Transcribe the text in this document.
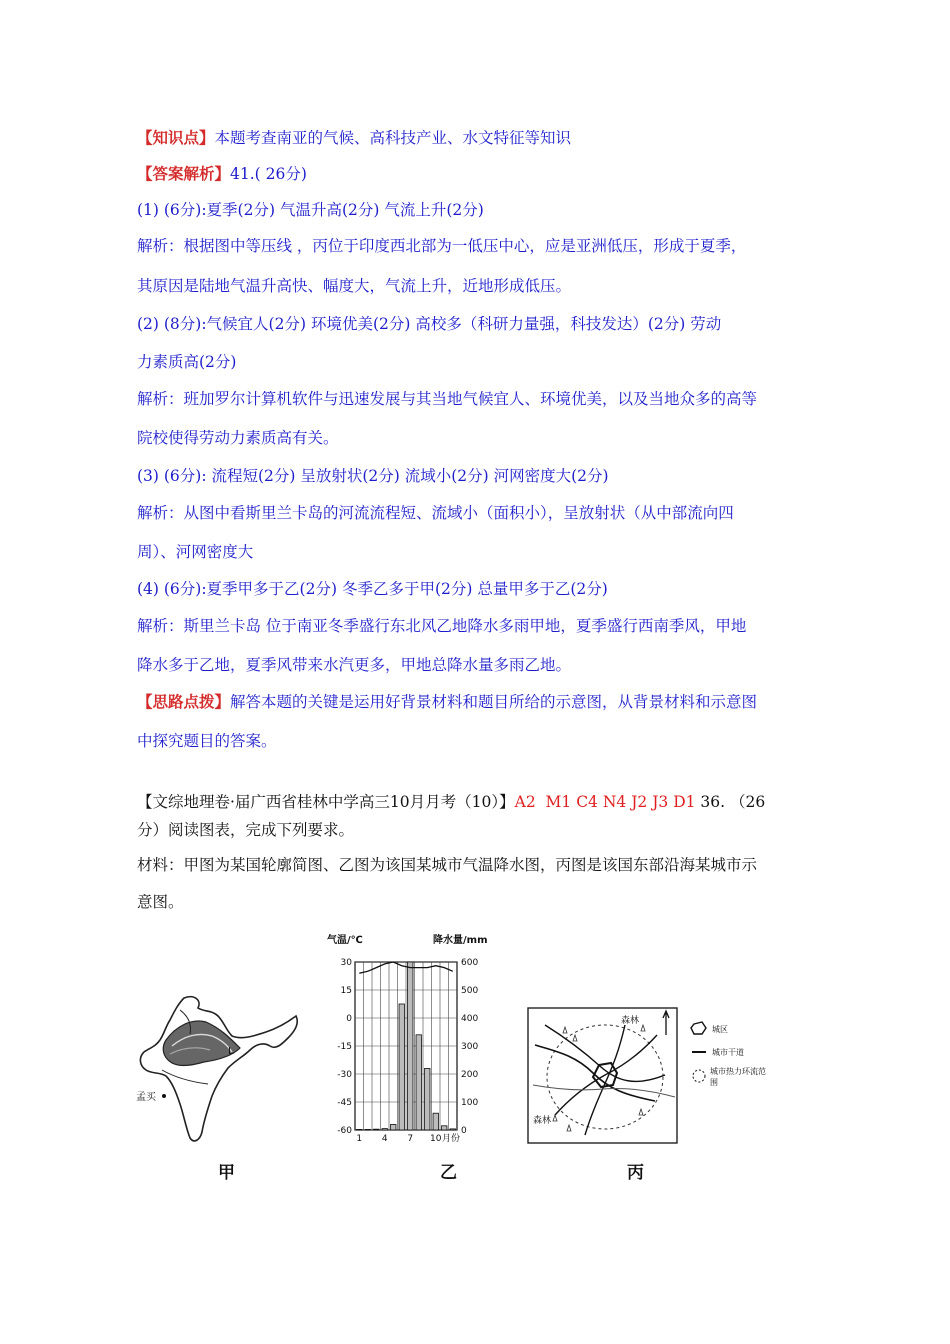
【知识点】本题考查南亚的气候、高科技产业、水文特征等知识
【答案解析】41.( 26分)
(1) (6分):夏季(2分) 气温升高(2分) 气流上升(2分)
解析：根据图中等压线 ，丙位于印度西北部为一低压中心，应是亚洲低压，形成于夏季，
其原因是陆地气温升高快、幅度大，气流上升，近地形成低压。
(2) (8分):气候宜人(2分) 环境优美(2分) 高校多（科研力量强，科技发达）(2分) 劳动
力素质高(2分)
解析：班加罗尔计算机软件与迅速发展与其当地气候宜人、环境优美，以及当地众多的高等
院校使得劳动力素质高有关。
(3) (6分): 流程短(2分) 呈放射状(2分) 流域小(2分) 河网密度大(2分)
解析：从图中看斯里兰卡岛的河流流程短、流域小（面积小），呈放射状（从中部流向四
周）、河网密度大
(4) (6分):夏季甲多于乙(2分) 冬季乙多于甲(2分) 总量甲多于乙(2分)
解析：斯里兰卡岛 位于南亚冬季盛行东北风乙地降水多雨甲地，夏季盛行西南季风，甲地
降水多于乙地，夏季风带来水汽更多，甲地总降水量多雨乙地。
【思路点拨】解答本题的关键是运用好背景材料和题目所给的示意图，从背景材料和示意图
中探究题目的答案。
【文综地理卷·届广西省桂林中学高三10月月考（10）】A2  M1 C4 N4 J2 J3 D1 36. （26
分）阅读图表，完成下列要求。
材料：甲图为某国轮廓简图、乙图为该国某城市气温降水图，丙图是该国东部沿海某城市示
意图。
L
孟买
气温/℃	降水量/mm
30
15
0
-15
-30
-45
-60
600
500
400
300
200
100
0
1 4 7 10 月份
森林
森林
城区
城市干道
城市热力环流范围
甲	乙	丙
